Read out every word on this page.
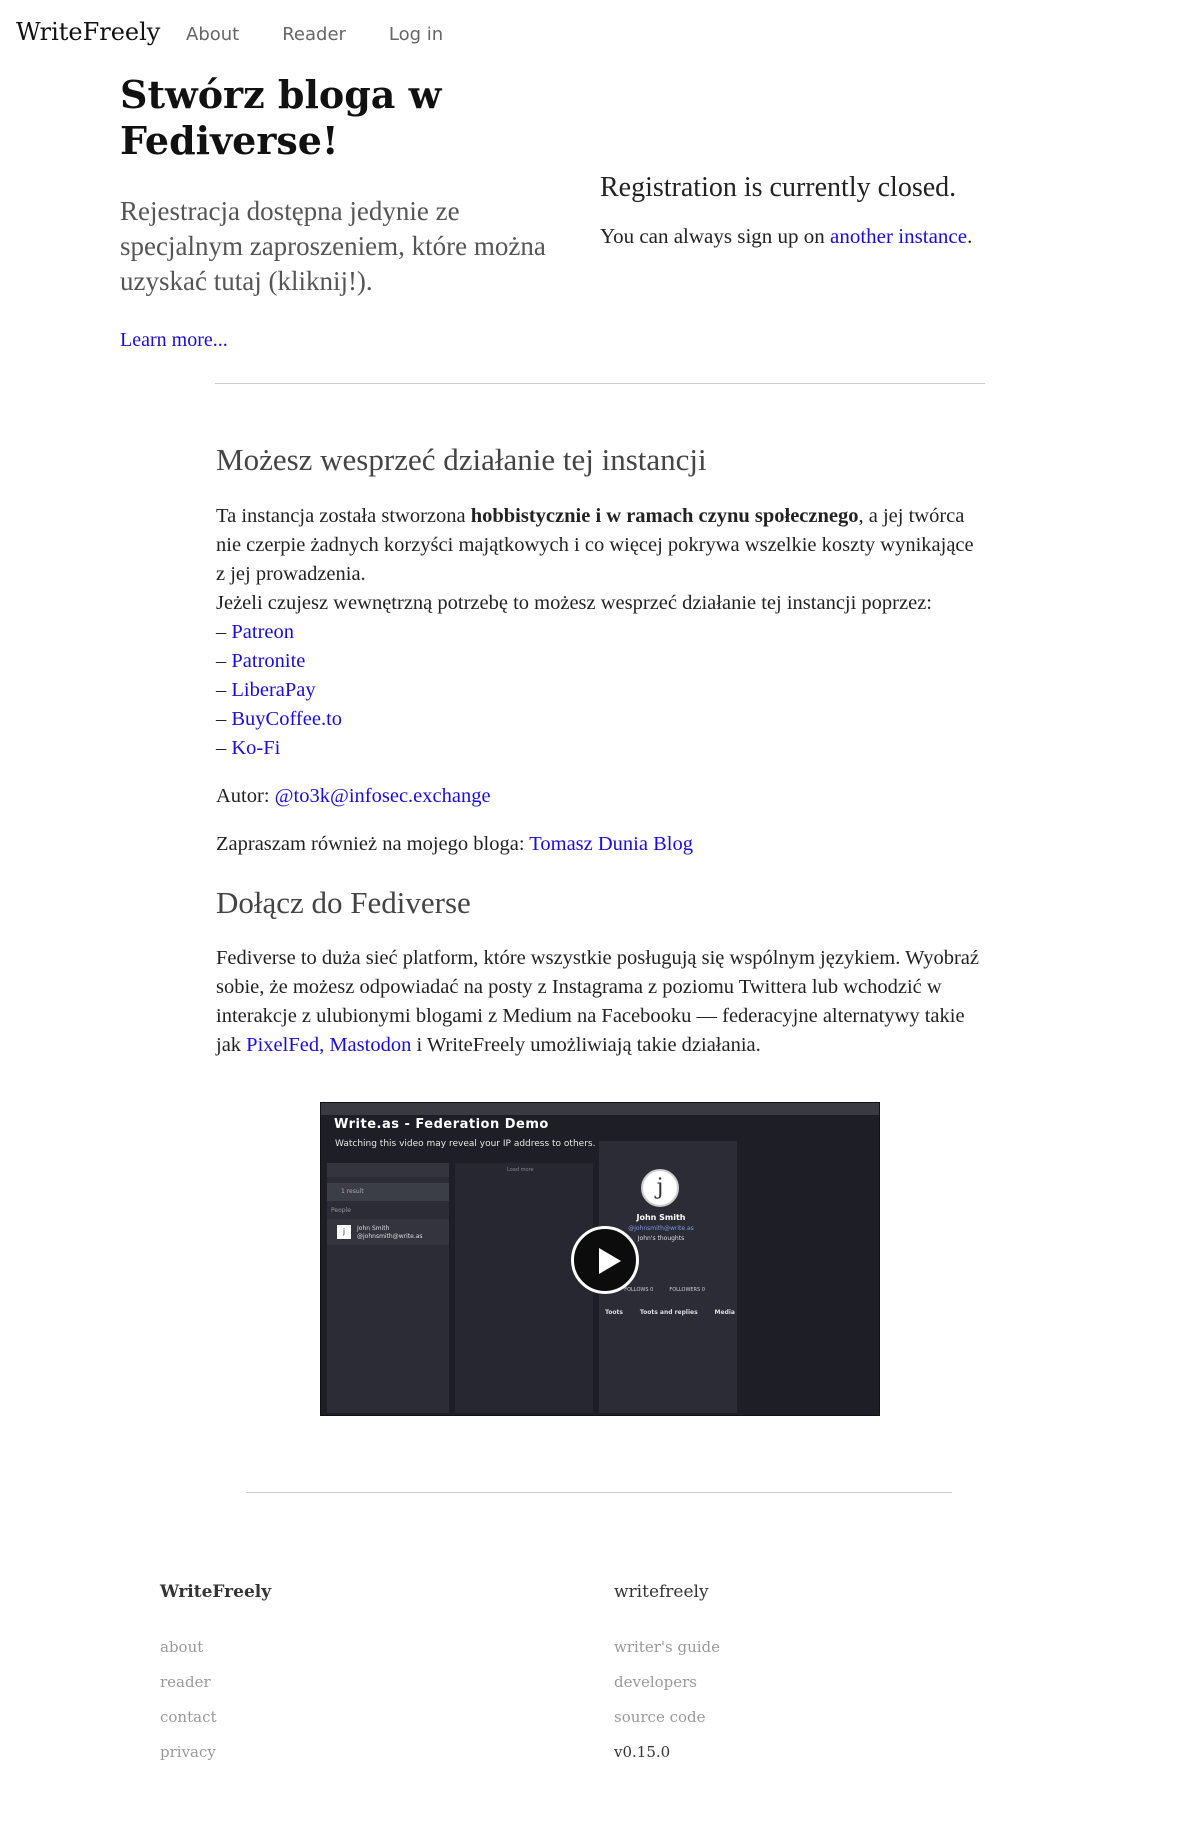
WriteFreely About Reader Log in
Stwórz bloga w Fediverse!

Rejestracja dostępna jedynie ze specjalnym zaproszeniem, które można uzyskać tutaj (kliknij!).

Learn more...

Registration is currently closed.

You can always sign up on another instance.

Możesz wesprzeć działanie tej instancji

Ta instancja została stworzona hobbistycznie i w ramach czynu społecznego, a jej twórca nie czerpie żadnych korzyści majątkowych i co więcej pokrywa wszelkie koszty wynikające z jej prowadzenia.
Jeżeli czujesz wewnętrzną potrzebę to możesz wesprzeć działanie tej instancji poprzez:

– Patreon
– Patronite
– LiberaPay
– BuyCoffee.to
– Ko-Fi

Autor: @to3k@infosec.exchange

Zapraszam również na mojego bloga: Tomasz Dunia Blog

Dołącz do Fediverse

Fediverse to duża sieć platform, które wszystkie posługują się wspólnym językiem. Wyobraź sobie, że możesz odpowiadać na posty z Instagrama z poziomu Twittera lub wchodzić w interakcje z ulubionymi blogami z Medium na Facebooku — federacyjne alternatywy takie jak PixelFed, Mastodon i WriteFreely umożliwiają takie działania.

1 result
People
j	John Smith
@johnsmith@write.as
Load more
j
John Smith
@johnsmith@write.as
John's thoughts
FOLLOWS 0	FOLLOWERS 0
Toots	Toots and replies	Media
Write.as - Federation Demo
Watching this video may reveal your IP address to others.
WriteFreely
about
reader
contact
privacy
writefreely
writer's guide
developers
source code
v0.15.0
